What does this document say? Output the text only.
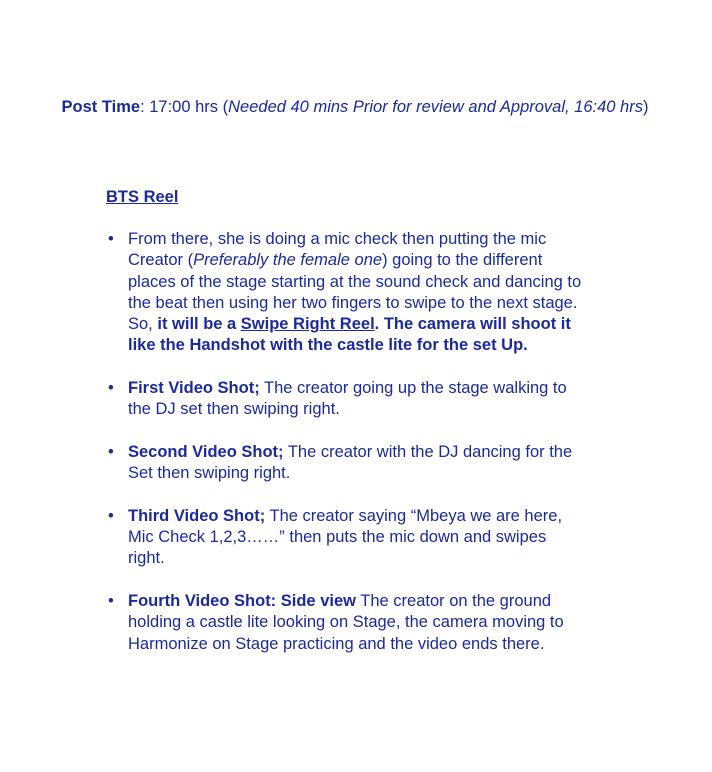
Post Time: 17:00 hrs (Needed 40 mins Prior for review and Approval, 16:40 hrs)
BTS Reel
• From there, she is doing a mic check then putting the mic Creator (Preferably the female one) going to the different places of the stage starting at the sound check and dancing to the beat then using her two fingers to swipe to the next stage. So, it will be a Swipe Right Reel. The camera will shoot it like the Handshot with the castle lite for the set Up.
• First Video Shot; The creator going up the stage walking to the DJ set then swiping right.
• Second Video Shot; The creator with the DJ dancing for the Set then swiping right.
• Third Video Shot; The creator saying “Mbeya we are here, Mic Check 1,2,3……” then puts the mic down and swipes right.
• Fourth Video Shot: Side view The creator on the ground holding a castle lite looking on Stage, the camera moving to Harmonize on Stage practicing and the video ends there.
